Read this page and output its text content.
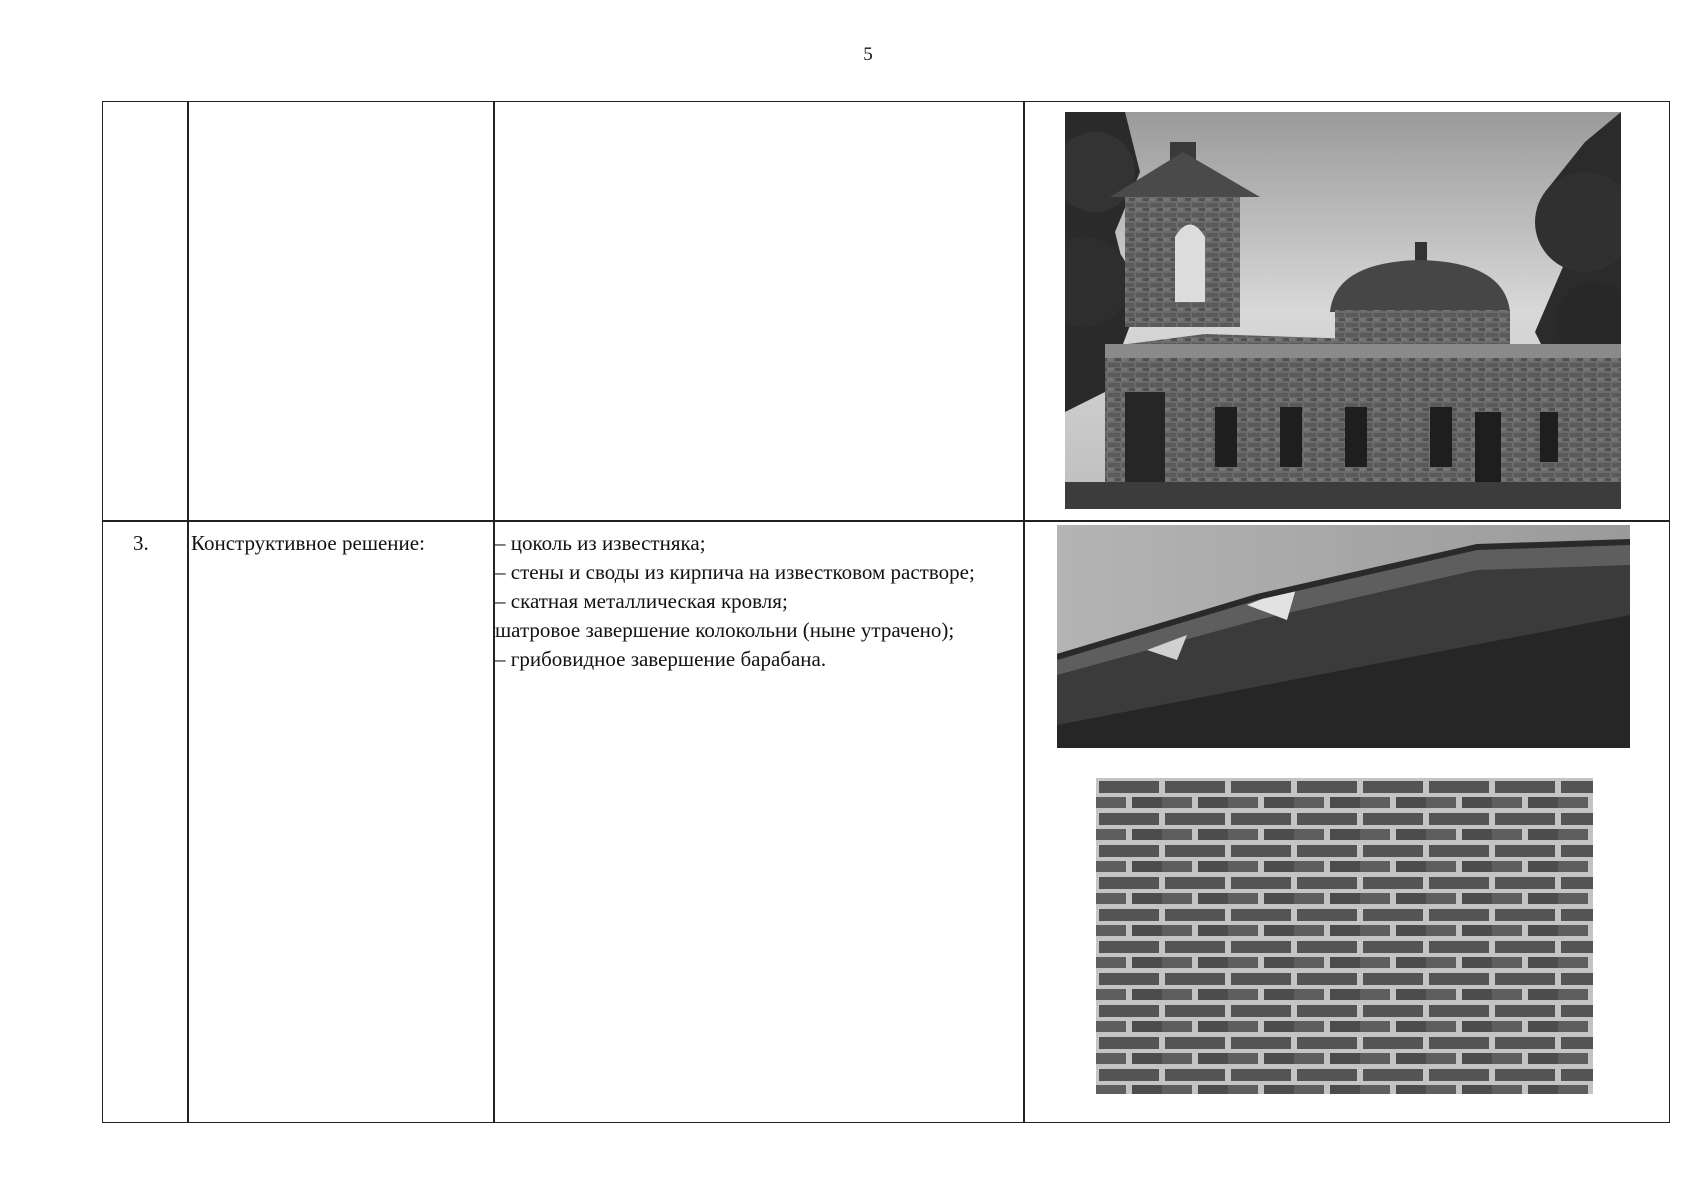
5
3. Конструктивное решение:	– цоколь из известняка;
– стены и своды из кирпича на известковом растворе;
– скатная металлическая кровля;
шатровое завершение колокольни (ныне утрачено);
– грибовидное завершение барабана.
